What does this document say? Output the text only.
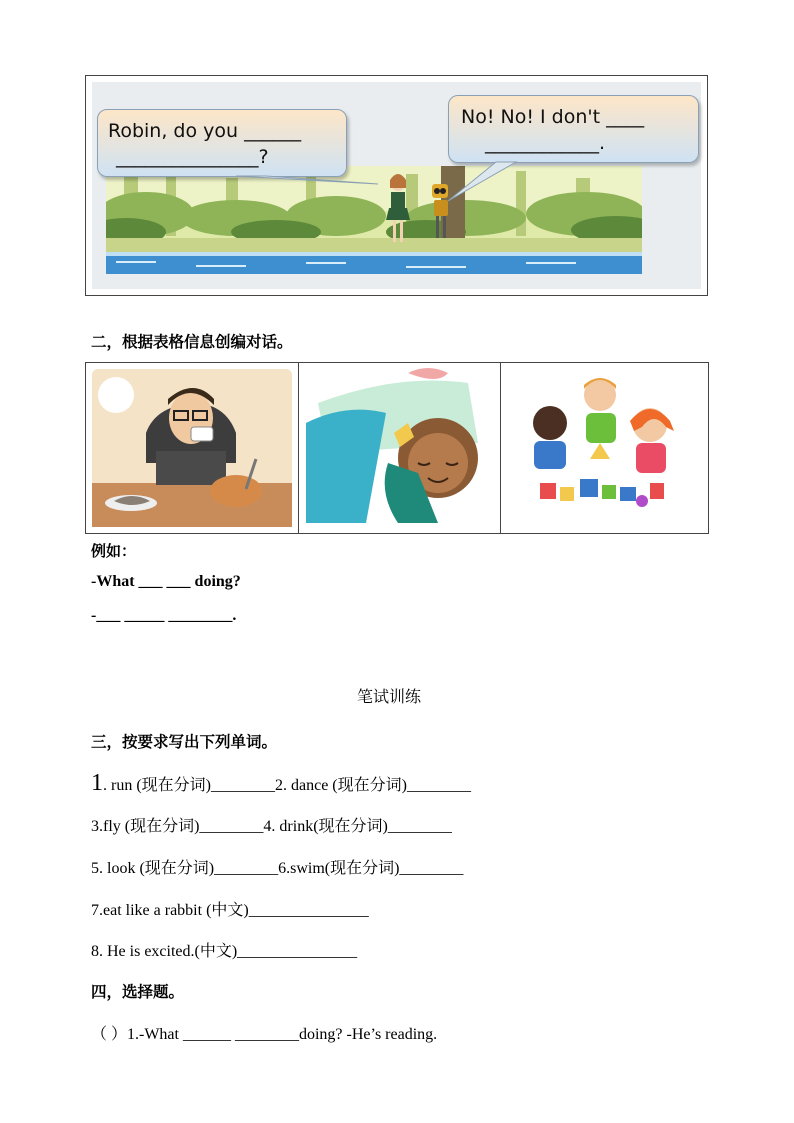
Robin, do you ______
_______________?
No! No! I don't ____
____________.
二，根据表格信息创编对话。
例如：
-What ___ ___ doing?
-___ _____ ________.
笔试训练
三，按要求写出下列单词。
1. run (现在分词)________2. dance (现在分词)________
3.fly (现在分词)________4. drink(现在分词)________
5. look (现在分词)________6.swim(现在分词)________
7.eat like a rabbit (中文)_______________
8. He is excited.(中文)_______________
四，选择题。
（ ）1.-What ______ ________doing? -He’s reading.
